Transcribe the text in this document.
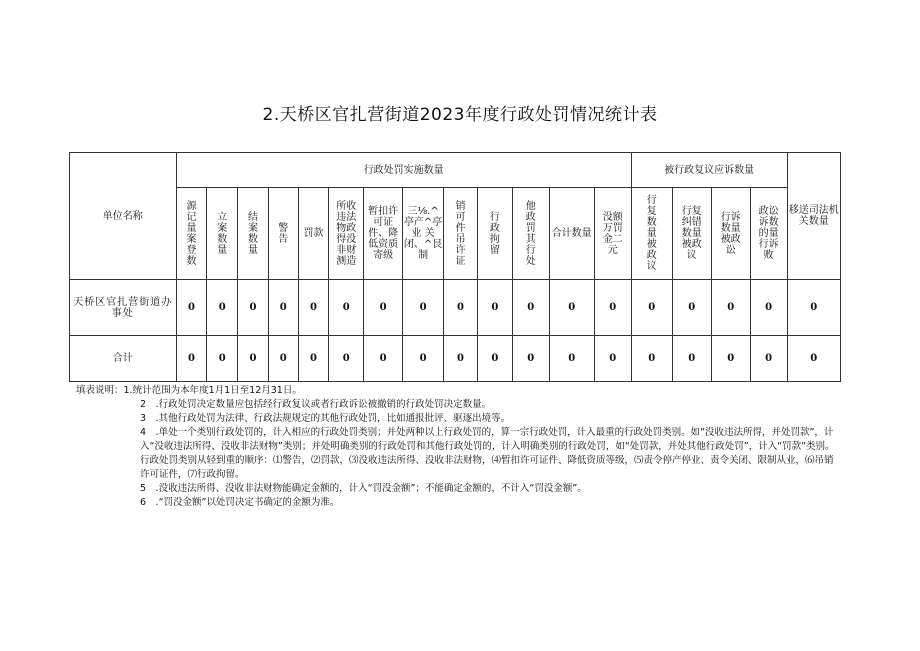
2.天桥区官扎营街道2023年度行政处罚情况统计表
单位名称	行政处罚实施数量													被行政复议应诉数量				移送司法机关数量
	源记量案登数	立案数量	结案数量	警告	罚款	所收违法物政得没非财测造	暂扣许可证件、降低资质寄级	三⅛.^ 亭产^亭业 关闭、^艮制	销可件吊许证	行政拘留	他政罚其行处	合计数量	没额万罚金二元	行复数量被政议	行复纠错数量被政议	行诉数量被政讼	政讼诉数的量行诉败	
天桥区官扎营街道办事处	0	0	0	0	0	0	0	0	0	0	0	0	0	0	0	0	0	0
合计	0	0	0	0	0	0	0	0	0	0	0	0	0	0	0	0	0	0
填表说明：1.统计范围为本年度1月1日至12月31日。
2　.行政处罚决定数量应包括经行政复议或者行政诉讼被撤销的行政处罚决定数量。
3　.其他行政处罚为法律、行政法规规定的其他行政处罚，比如通报批评、驱逐出境等。
4　.单处一个类别行政处罚的，计入相应的行政处罚类别；并处两种以上行政处罚的，算一宗行政处罚，计入最重的行政处罚类别。如“没收违法所得，并处罚款”，计入“没收违法所得、没收非法财物”类别；并处明确类别的行政处罚和其他行政处罚的，计入明确类别的行政处罚，如“处罚款，并处其他行政处罚”，计入“罚款”类别。行政处罚类别从轻到重的顺序：⑴警告，⑵罚款，⑶没收违法所得、没收非法财物，⑷暂扣许可证件、降低资质等级，⑸责令停产停业、责令关闭、限制从业，⑹吊销许可证件，⑺行政拘留。
5　.没收违法所得、没收非法财物能确定金额的，计入“罚没金额”；不能确定金额的，不计入“罚没金额”。
6　.“罚没金额”以处罚决定书确定的金额为准。
